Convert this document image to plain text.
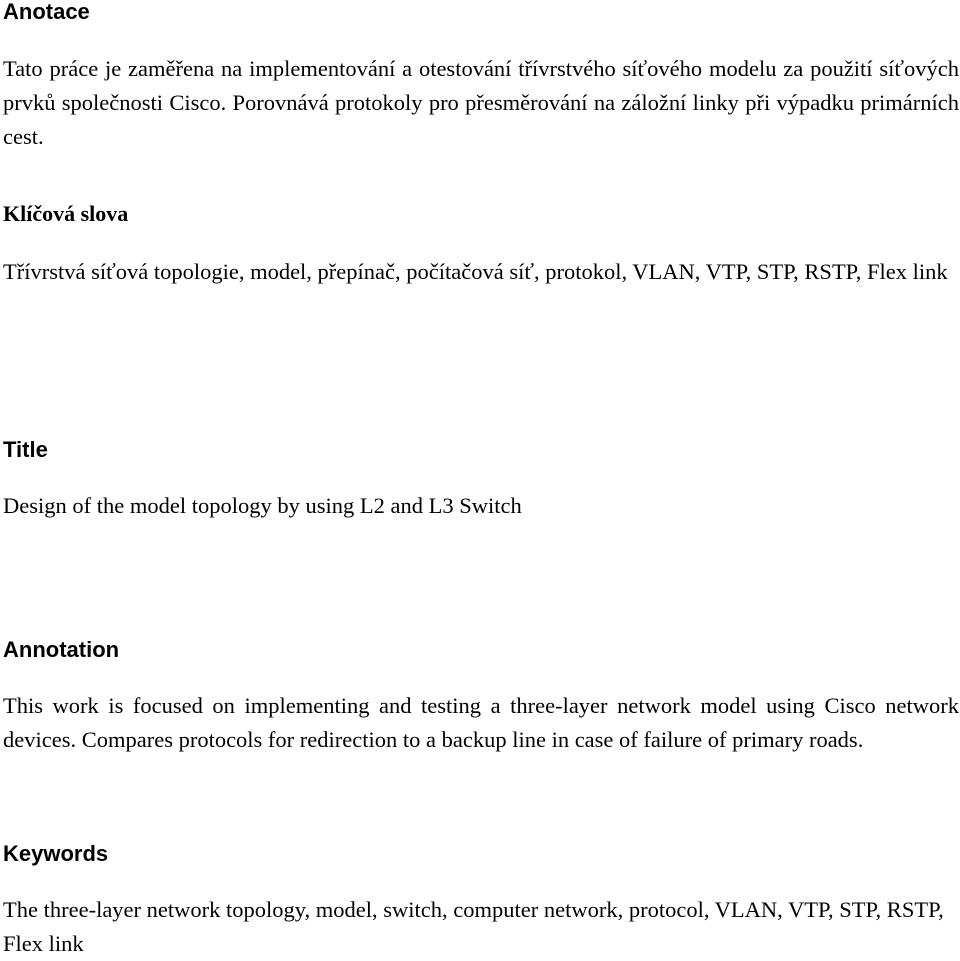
Anotace

Tato práce je zaměřena na implementování a otestování třívrstvého síťového modelu za použití síťových prvků společnosti Cisco. Porovnává protokoly pro přesměrování na záložní linky při výpadku primárních cest.

Klíčová slova

Třívrstvá síťová topologie, model, přepínač, počítačová síť, protokol, VLAN, VTP, STP, RSTP, Flex link

Title

Design of the model topology by using L2 and L3 Switch

Annotation

This work is focused on implementing and testing a three-layer network model using Cisco network devices. Compares protocols for redirection to a backup line in case of failure of primary roads.

Keywords

The three-layer network topology, model, switch, computer network, protocol, VLAN, VTP, STP, RSTP, Flex link
